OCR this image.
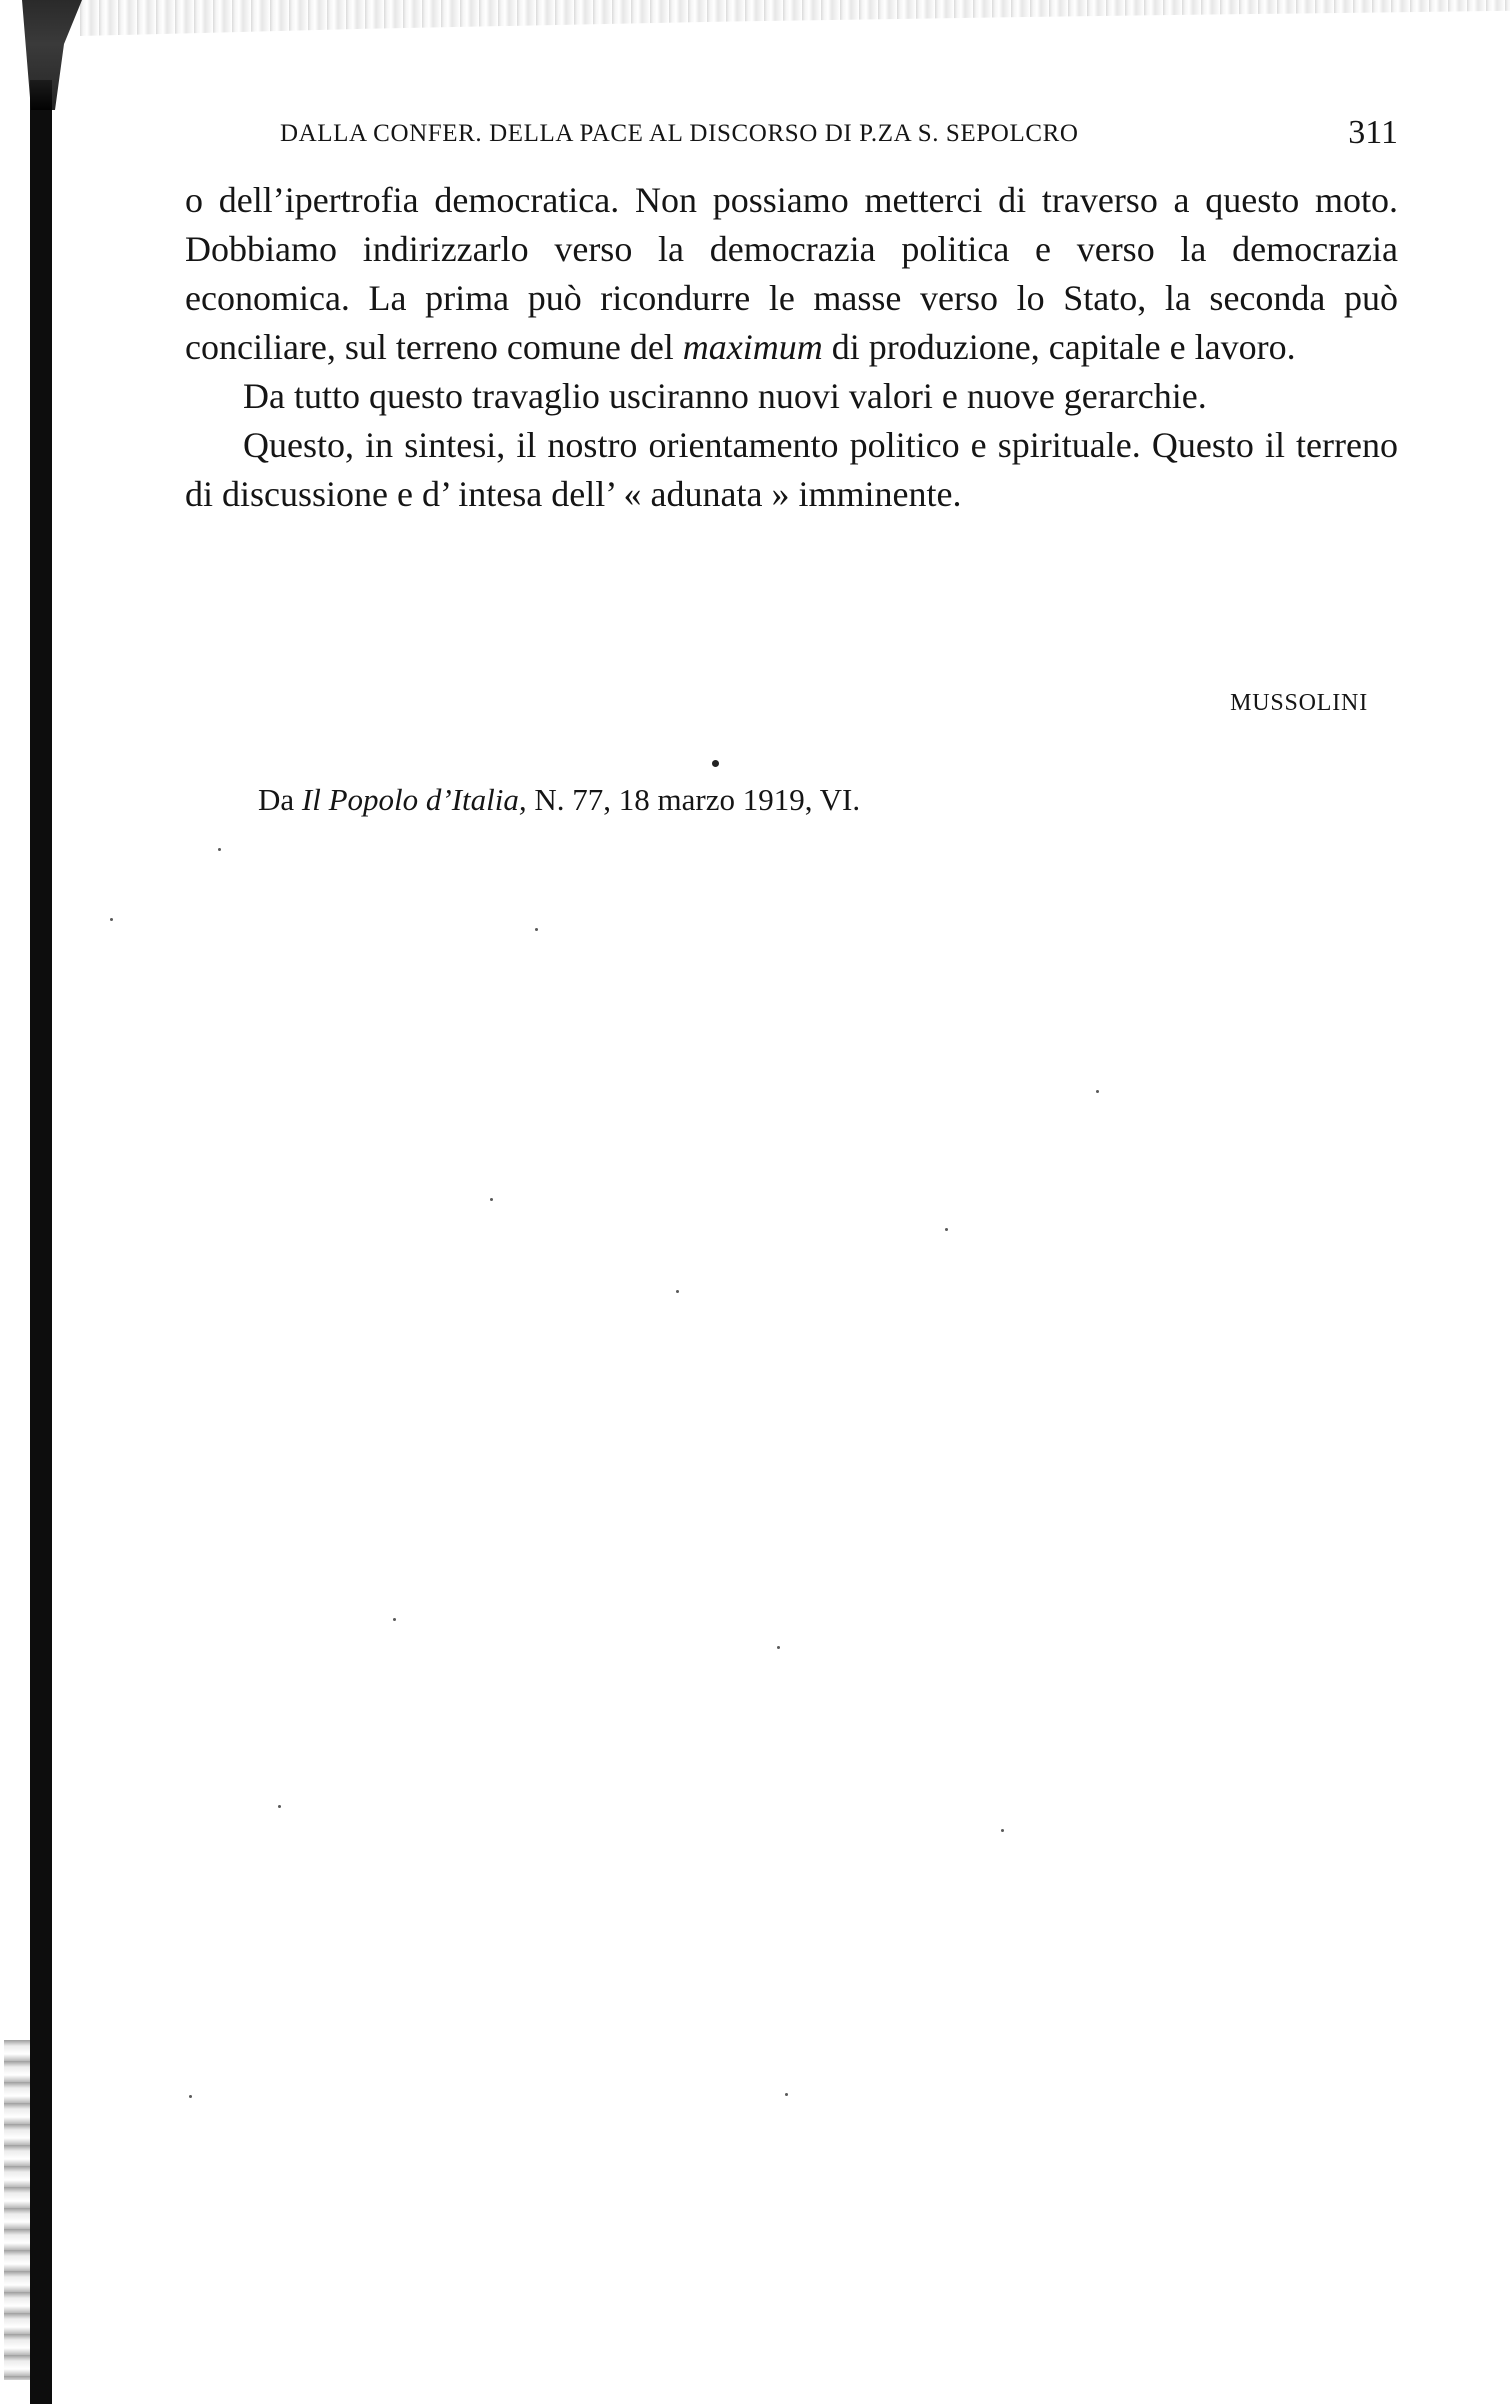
DALLA CONFER. DELLA PACE AL DISCORSO DI P.ZA S. SEPOLCRO	311

o dell’ipertrofia democratica. Non possiamo metterci di traverso a questo moto. Dobbiamo indirizzarlo verso la democrazia politica e verso la democrazia economica. La prima può ricondurre le masse verso lo Stato, la seconda può conciliare, sul terreno comune del maximum di produzione, capitale e lavoro.

Da tutto questo travaglio usciranno nuovi valori e nuove gerarchie.

Questo, in sintesi, il nostro orientamento politico e spirituale. Questo il terreno di discussione e d’ intesa dell’ « adunata » imminente.

MUSSOLINI
Da Il Popolo d’Italia, N. 77, 18 marzo 1919, VI.
